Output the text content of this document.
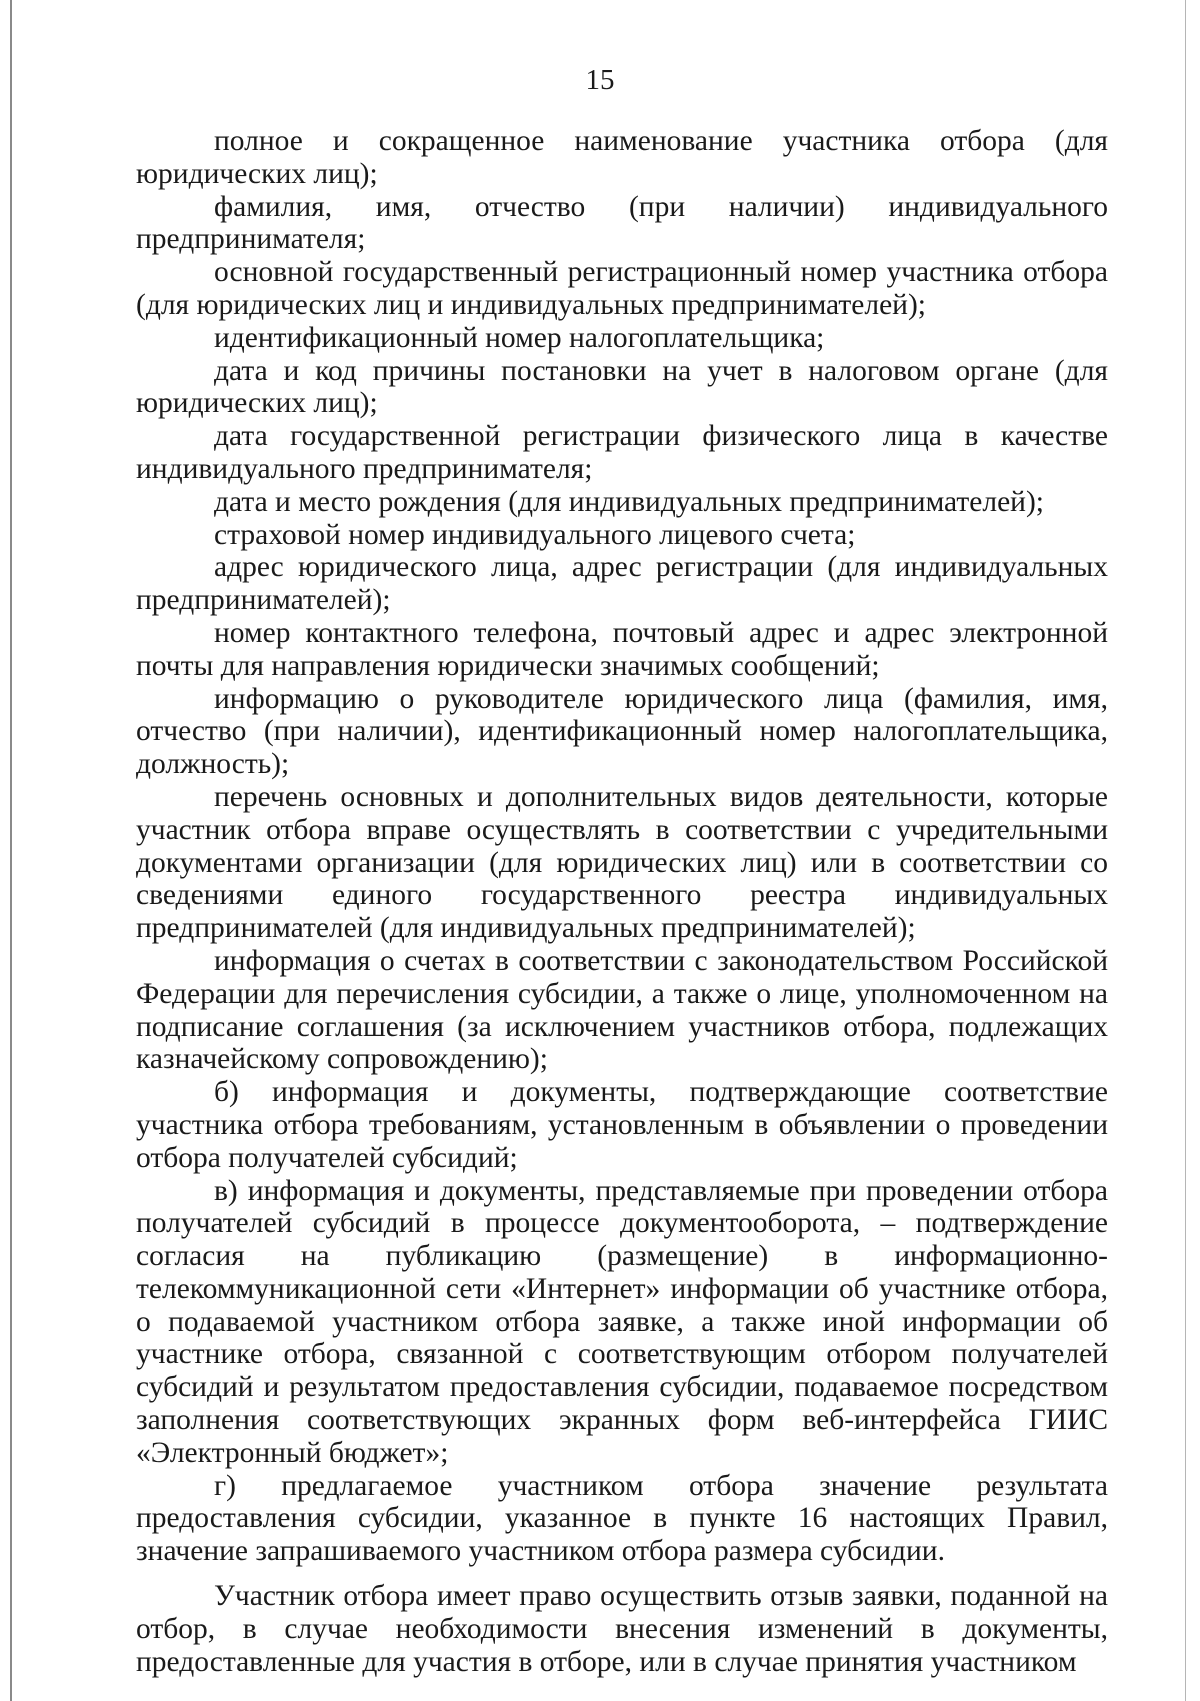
15

полное и сокращенное наименование участника отбора (для юридических лиц);

фамилия, имя, отчество (при наличии) индивидуального предпринимателя;

основной государственный регистрационный номер участника отбора (для юридических лиц и индивидуальных предпринимателей);

идентификационный номер налогоплательщика;

дата и код причины постановки на учет в налоговом органе (для юридических лиц);

дата государственной регистрации физического лица в качестве индивидуального предпринимателя;

дата и место рождения (для индивидуальных предпринимателей);

страховой номер индивидуального лицевого счета;

адрес юридического лица, адрес регистрации (для индивидуальных предпринимателей);

номер контактного телефона, почтовый адрес и адрес электронной почты для направления юридически значимых сообщений;

информацию о руководителе юридического лица (фамилия, имя, отчество (при наличии), идентификационный номер налогоплательщика, должность);

перечень основных и дополнительных видов деятельности, которые участник отбора вправе осуществлять в соответствии с учредительными документами организации (для юридических лиц) или в соответствии со сведениями единого государственного реестра индивидуальных предпринимателей (для индивидуальных предпринимателей);

информация о счетах в соответствии с законодательством Российской Федерации для перечисления субсидии, а также о лице, уполномоченном на подписание соглашения (за исключением участников отбора, подлежащих казначейскому сопровождению);

б) информация и документы, подтверждающие соответствие участника отбора требованиям, установленным в объявлении о проведении отбора получателей субсидий;

в) информация и документы, представляемые при проведении отбора получателей субсидий в процессе документооборота, – подтверждение согласия на публикацию (размещение) в информационно-телекоммуникационной сети «Интернет» информации об участнике отбора, о подаваемой участником отбора заявке, а также иной информации об участнике отбора, связанной с соответствующим отбором получателей субсидий и результатом предоставления субсидии, подаваемое посредством заполнения соответствующих экранных форм веб-интерфейса ГИИС «Электронный бюджет»;

г) предлагаемое участником отбора значение результата предоставления субсидии, указанное в пункте 16 настоящих Правил, значение запрашиваемого участником отбора размера субсидии.

Участник отбора имеет право осуществить отзыв заявки, поданной на отбор, в случае необходимости внесения изменений в документы, предоставленные для участия в отборе, или в случае принятия участником
